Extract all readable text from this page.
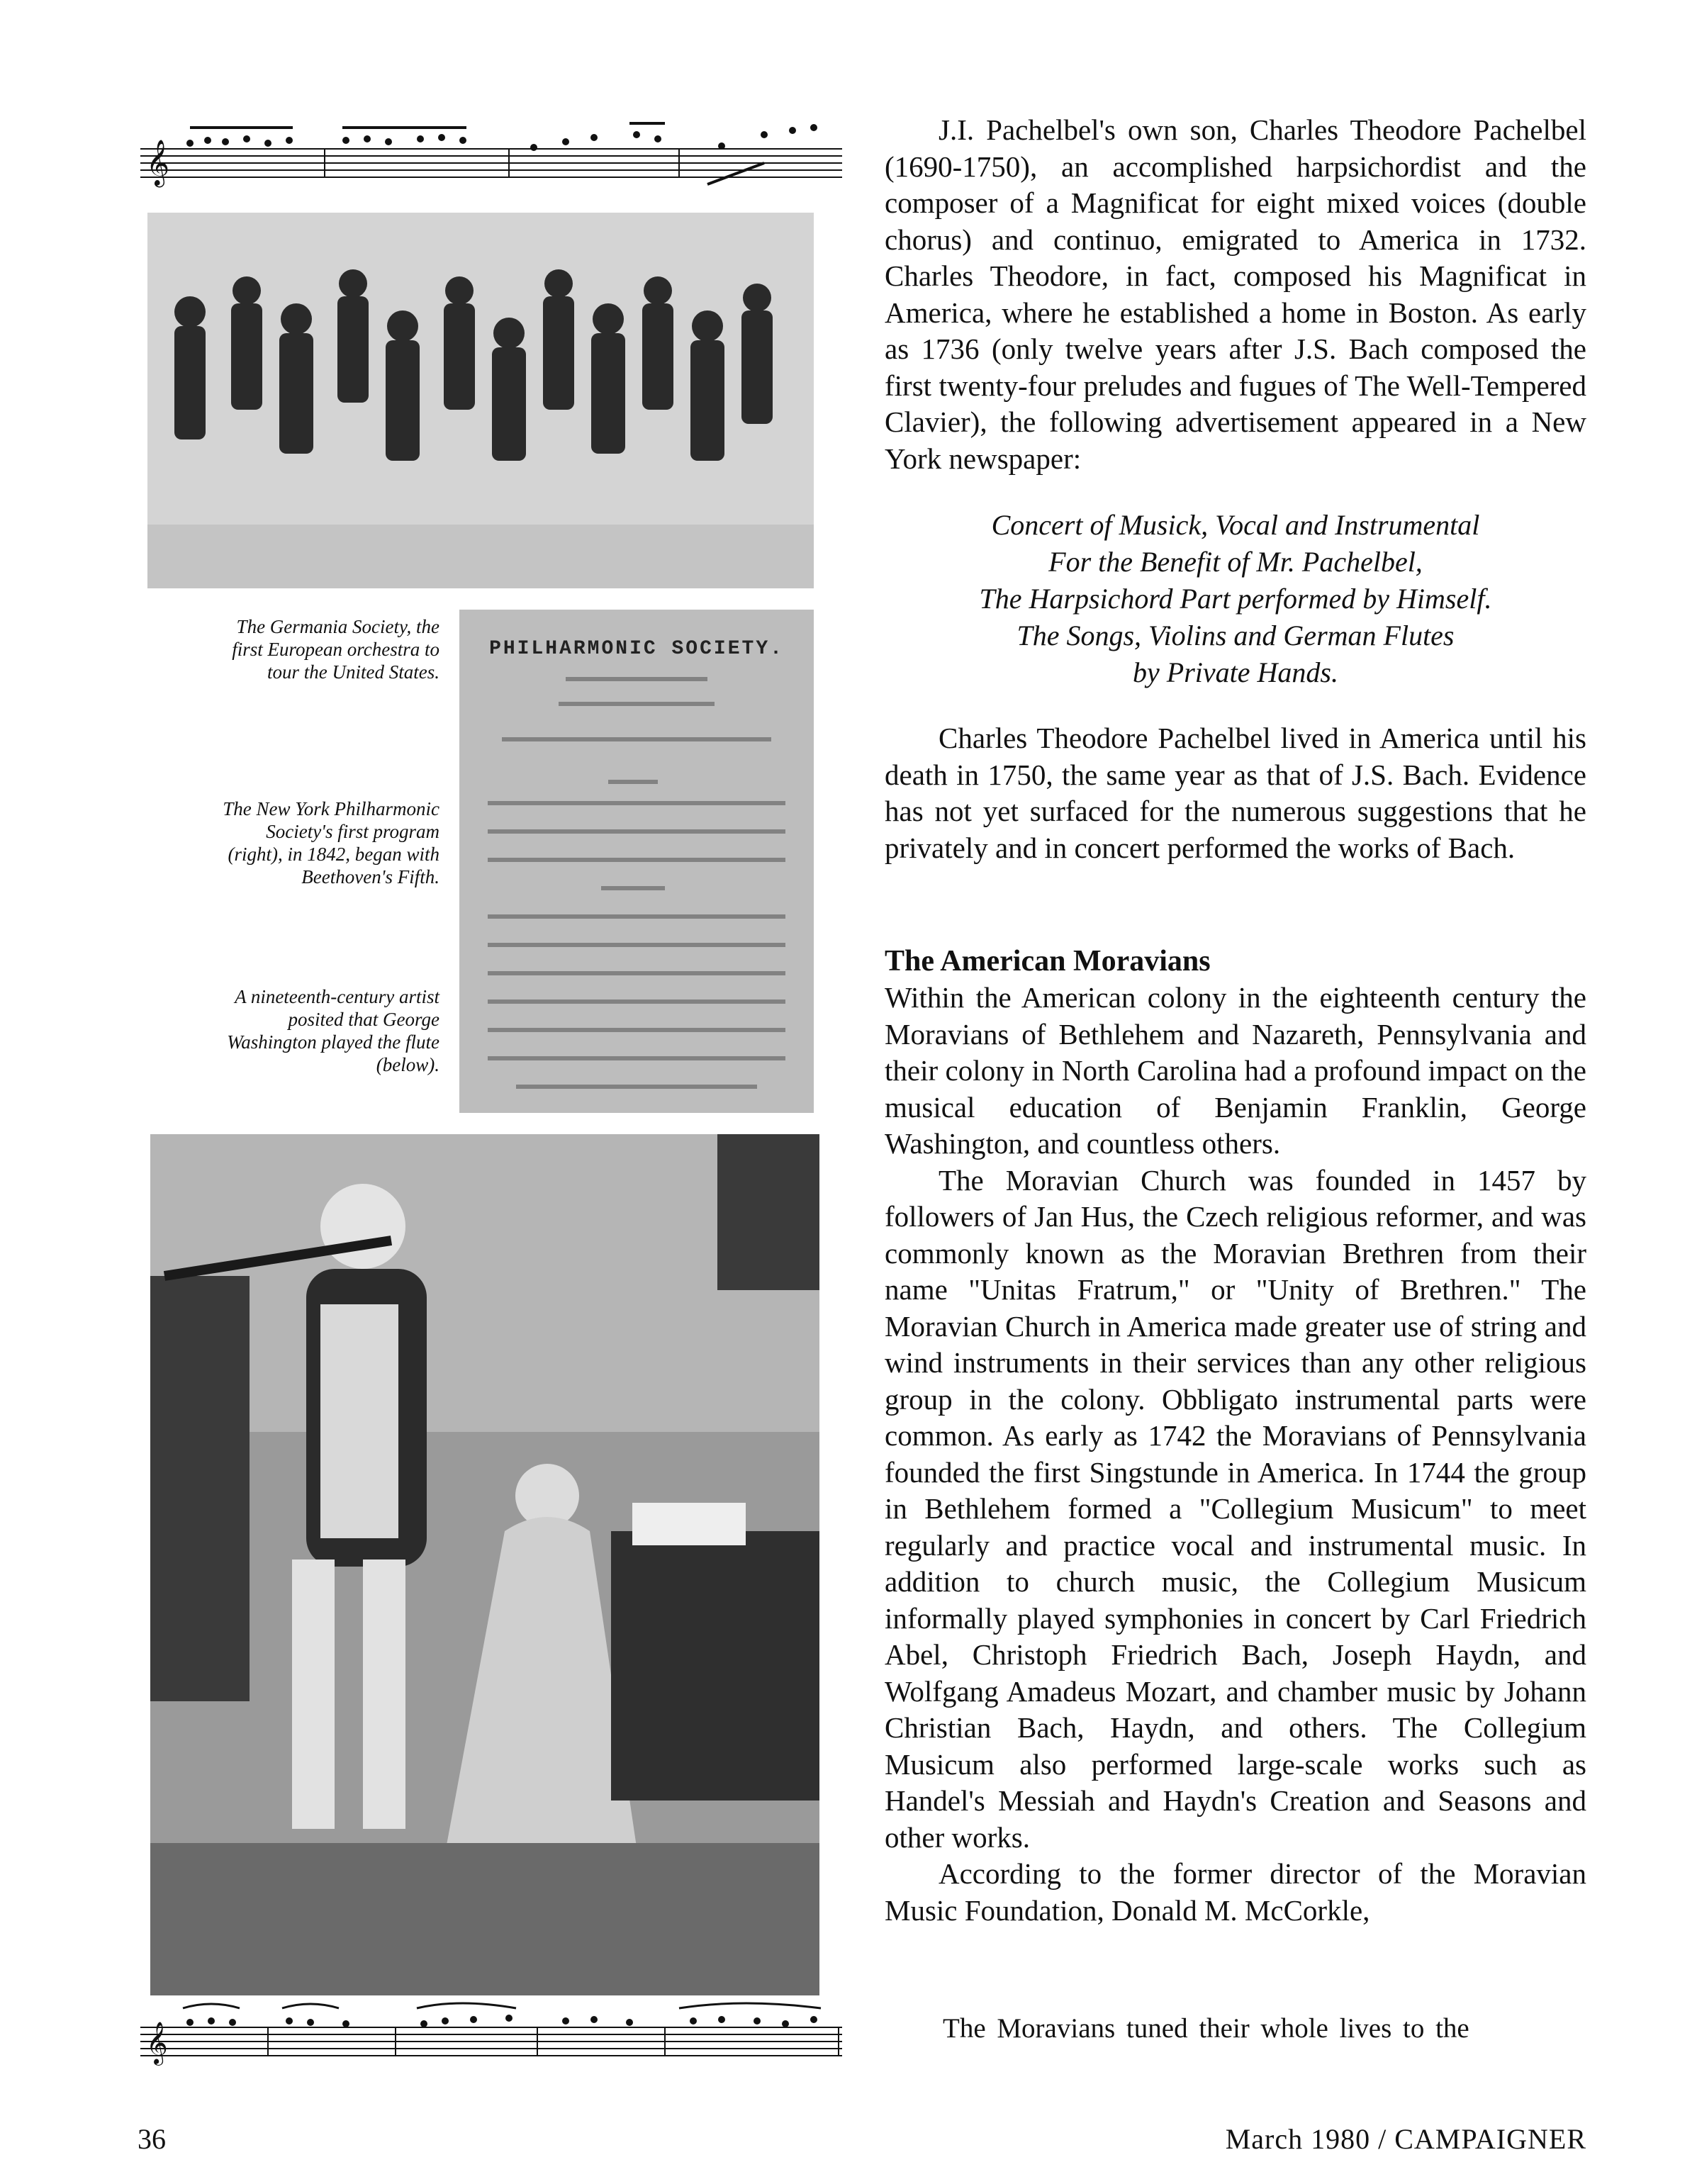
𝄞
The Germania Society, the first European orchestra to tour the United States.
The New York Philharmonic Society's first program (right), in 1842, began with Beethoven's Fifth.
A nineteenth-century artist posited that George Washington played the flute (below).
PHILHARMONIC SOCIETY.
𝄞

J.I. Pachelbel's own son, Charles Theodore Pachelbel (1690-1750), an accomplished harpsichordist and the composer of a Magnificat for eight mixed voices (double chorus) and continuo, emigrated to America in 1732. Charles Theodore, in fact, composed his Magnificat in America, where he established a home in Boston. As early as 1736 (only twelve years after J.S. Bach composed the first twenty-four preludes and fugues of The Well-Tempered Clavier), the following advertisement appeared in a New York newspaper:

Concert of Musick, Vocal and Instrumental
For the Benefit of Mr. Pachelbel,
The Harpsichord Part performed by Himself.
The Songs, Violins and German Flutes
by Private Hands.

Charles Theodore Pachelbel lived in America until his death in 1750, the same year as that of J.S. Bach. Evidence has not yet surfaced for the numerous suggestions that he privately and in concert performed the works of Bach.

The American Moravians

Within the American colony in the eighteenth century the Moravians of Bethlehem and Nazareth, Pennsylvania and their colony in North Carolina had a profound impact on the musical education of Benjamin Franklin, George Washington, and countless others.

The Moravian Church was founded in 1457 by followers of Jan Hus, the Czech religious reformer, and was commonly known as the Moravian Brethren from their name "Unitas Fratrum," or "Unity of Brethren." The Moravian Church in America made greater use of string and wind instruments in their services than any other religious group in the colony. Obbligato instrumental parts were common. As early as 1742 the Moravians of Pennsylvania founded the first Singstunde in America. In 1744 the group in Bethlehem formed a "Collegium Musicum" to meet regularly and practice vocal and instrumental music. In addition to church music, the Collegium Musicum informally played symphonies in concert by Carl Friedrich Abel, Christoph Friedrich Bach, Joseph Haydn, and Wolfgang Amadeus Mozart, and chamber music by Johann Christian Bach, Haydn, and others. The Collegium Musicum also performed large-scale works such as Handel's Messiah and Haydn's Creation and Seasons and other works.

According to the former director of the Moravian Music Foundation, Donald M. McCorkle,

The Moravians tuned their whole lives to the
36	March 1980 / CAMPAIGNER
